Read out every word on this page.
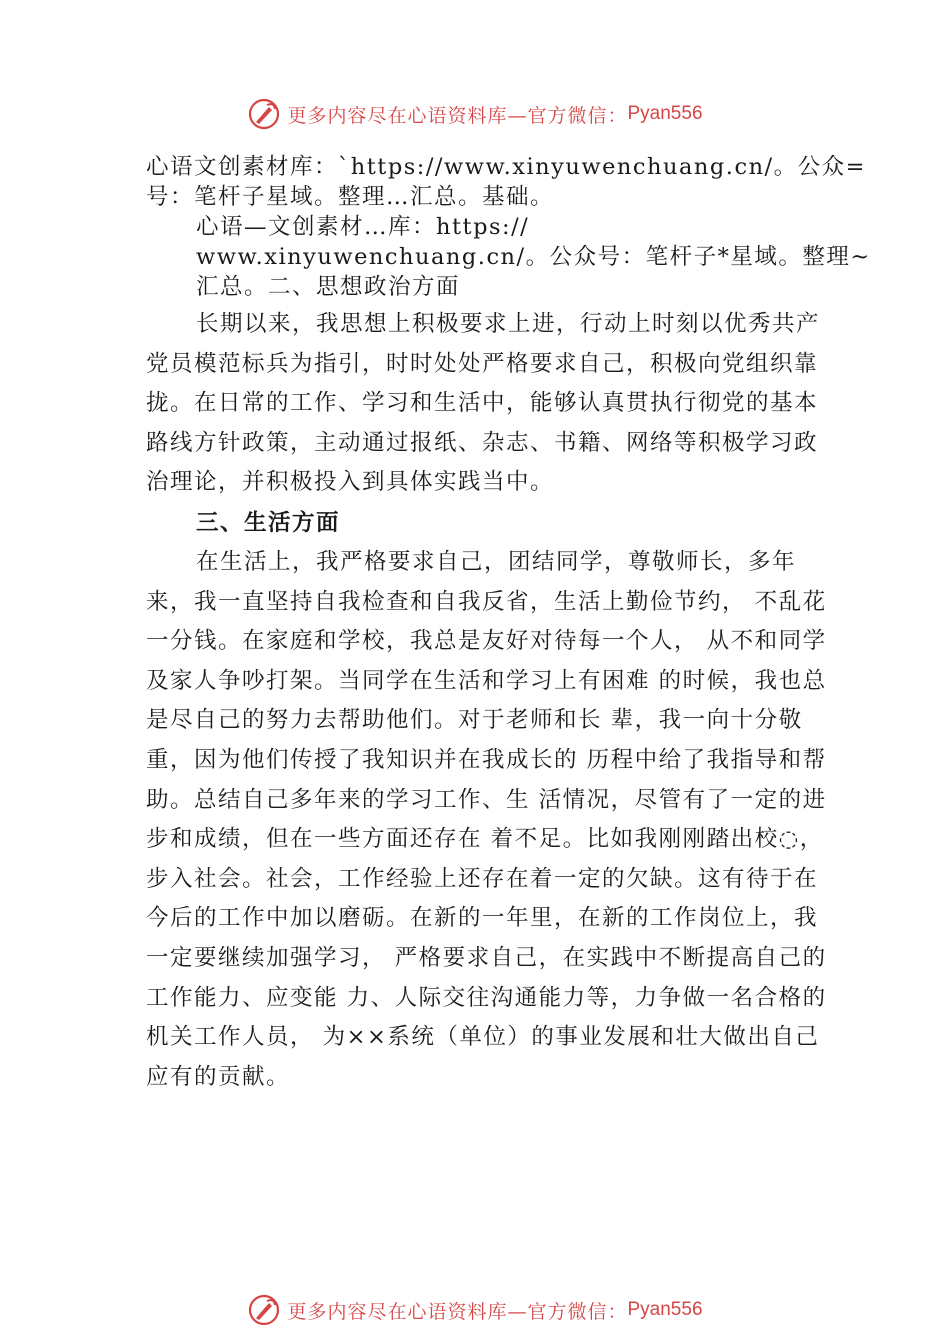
更多内容尽在心语资料库—官方微信： Pyan556

心语文创素材库：`https://www.xinyuwenchuang.cn/。公众=

号：笔杆子星域。整理…汇总。基础。

心语—文创素材…库：https://

www.xinyuwenchuang.cn/。公众号：笔杆子*星域。整理~

汇总。二、思想政治方面

长期以来，我思想上积极要求上进，行动上时刻以优秀共产党员模范标兵为指引，时时处处严格要求自己，积极向党组织靠拢。在日常的工作、学习和生活中，能够认真贯执行彻党的基本路线方针政策，主动通过报纸、杂志、书籍、网络等积极学习政治理论，并积极投入到具体实践当中。

三、生活方面

在生活上，我严格要求自己，团结同学，尊敬师长，多年来，我一直坚持自我检查和自我反省，生活上勤俭节约， 不乱花一分钱。在家庭和学校，我总是友好对待每一个人， 从不和同学及家人争吵打架。当同学在生活和学习上有困难 的时候，我也总是尽自己的努力去帮助他们。对于老师和长 辈，我一向十分敬重，因为他们传授了我知识并在我成长的 历程中给了我指导和帮助。总结自己多年来的学习工作、生 活情况，尽管有了一定的进步和成绩，但在一些方面还存在 着不足。比如我刚刚踏出校◌，步入社会。社会，工作经验上还存在着一定的欠缺。这有待于在今后的工作中加以磨砺。在新的一年里，在新的工作岗位上，我一定要继续加强学习， 严格要求自己，在实践中不断提高自己的工作能力、应变能 力、人际交往沟通能力等，力争做一名合格的机关工作人员， 为××系统（单位）的事业发展和壮大做出自己应有的贡献。

更多内容尽在心语资料库—官方微信： Pyan556
